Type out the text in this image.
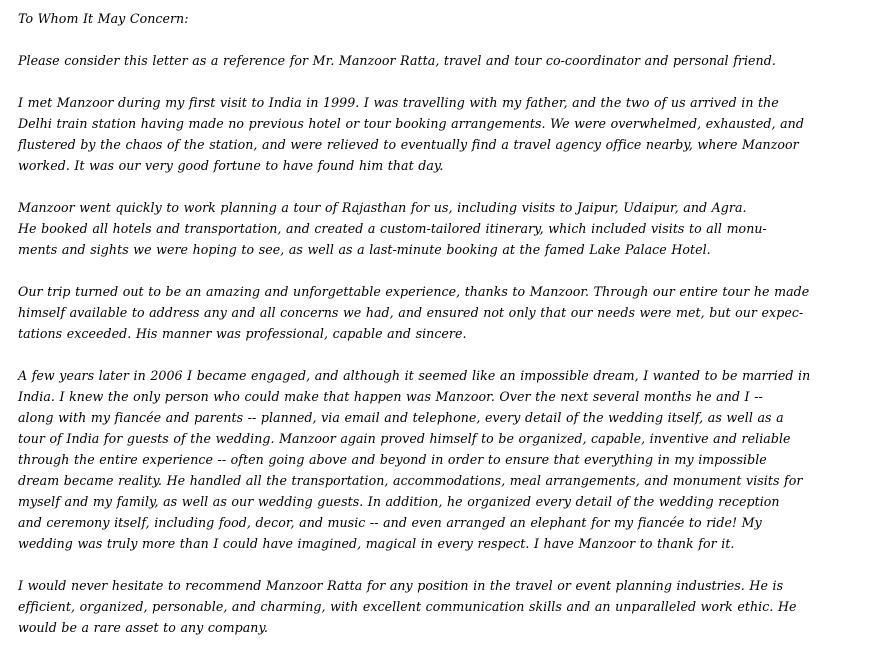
To Whom It May Concern:
Please consider this letter as a reference for Mr. Manzoor Ratta, travel and tour co-coordinator and personal friend.
I met Manzoor during my first visit to India in 1999. I was travelling with my father, and the two of us arrived in the
Delhi train station having made no previous hotel or tour booking arrangements. We were overwhelmed, exhausted, and
flustered by the chaos of the station, and were relieved to eventually find a travel agency office nearby, where Manzoor
worked. It was our very good fortune to have found him that day.
Manzoor went quickly to work planning a tour of Rajasthan for us, including visits to Jaipur, Udaipur, and Agra.
He booked all hotels and transportation, and created a custom-tailored itinerary, which included visits to all monu-
ments and sights we were hoping to see, as well as a last-minute booking at the famed Lake Palace Hotel.
Our trip turned out to be an amazing and unforgettable experience, thanks to Manzoor. Through our entire tour he made
himself available to address any and all concerns we had, and ensured not only that our needs were met, but our expec-
tations exceeded. His manner was professional, capable and sincere.
A few years later in 2006 I became engaged, and although it seemed like an impossible dream, I wanted to be married in
India. I knew the only person who could make that happen was Manzoor. Over the next several months he and I --
along with my fiancée and parents -- planned, via email and telephone, every detail of the wedding itself, as well as a
tour of India for guests of the wedding. Manzoor again proved himself to be organized, capable, inventive and reliable
through the entire experience -- often going above and beyond in order to ensure that everything in my impossible
dream became reality. He handled all the transportation, accommodations, meal arrangements, and monument visits for
myself and my family, as well as our wedding guests. In addition, he organized every detail of the wedding reception
and ceremony itself, including food, decor, and music -- and even arranged an elephant for my fiancée to ride! My
wedding was truly more than I could have imagined, magical in every respect. I have Manzoor to thank for it.
I would never hesitate to recommend Manzoor Ratta for any position in the travel or event planning industries. He is
efficient, organized, personable, and charming, with excellent communication skills and an unparalleled work ethic. He
would be a rare asset to any company.
